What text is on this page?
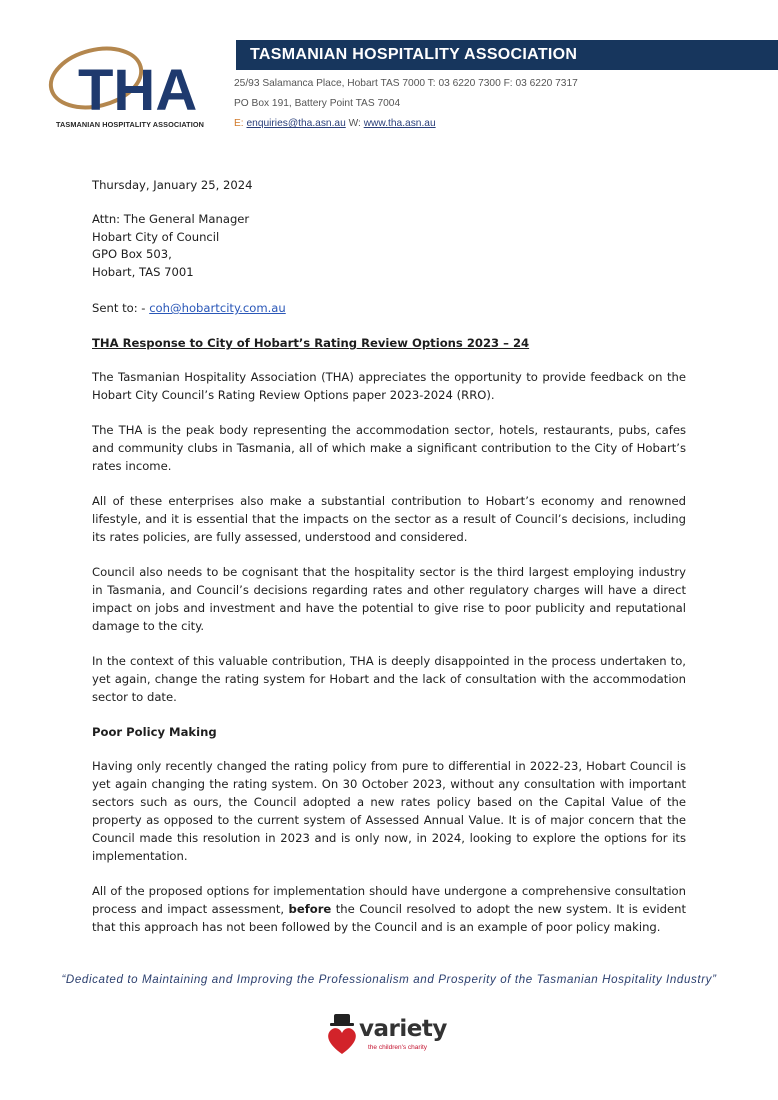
THA
TASMANIAN HOSPITALITY ASSOCIATION
TASMANIAN HOSPITALITY ASSOCIATION
25/93 Salamanca Place, Hobart TAS 7000 T: 03 6220 7300 F: 03 6220 7317
PO Box 191, Battery Point TAS 7004
E: enquiries@tha.asn.au W: www.tha.asn.au

Thursday, January 25, 2024

Attn: The General Manager
Hobart City of Council
GPO Box 503,
Hobart, TAS 7001

Sent to: - coh@hobartcity.com.au

THA Response to City of Hobart’s Rating Review Options 2023 – 24

The Tasmanian Hospitality Association (THA) appreciates the opportunity to provide feedback on the Hobart City Council’s Rating Review Options paper 2023-2024 (RRO).

The THA is the peak body representing the accommodation sector, hotels, restaurants, pubs, cafes and community clubs in Tasmania, all of which make a significant contribution to the City of Hobart’s rates income.

All of these enterprises also make a substantial contribution to Hobart’s economy and renowned lifestyle, and it is essential that the impacts on the sector as a result of Council’s decisions, including its rates policies, are fully assessed, understood and considered.

Council also needs to be cognisant that the hospitality sector is the third largest employing industry in Tasmania, and Council’s decisions regarding rates and other regulatory charges will have a direct impact on jobs and investment and have the potential to give rise to poor publicity and reputational damage to the city.

In the context of this valuable contribution, THA is deeply disappointed in the process undertaken to, yet again, change the rating system for Hobart and the lack of consultation with the accommodation sector to date.

Poor Policy Making

Having only recently changed the rating policy from pure to differential in 2022-23, Hobart Council is yet again changing the rating system. On 30 October 2023, without any consultation with important sectors such as ours, the Council adopted a new rates policy based on the Capital Value of the property as opposed to the current system of Assessed Annual Value. It is of major concern that the Council made this resolution in 2023 and is only now, in 2024, looking to explore the options for its implementation.

All of the proposed options for implementation should have undergone a comprehensive consultation process and impact assessment, before the Council resolved to adopt the new system. It is evident that this approach has not been followed by the Council and is an example of poor policy making.

“Dedicated to Maintaining and Improving the Professionalism and Prosperity of the Tasmanian Hospitality Industry”
variety
the children's charity
